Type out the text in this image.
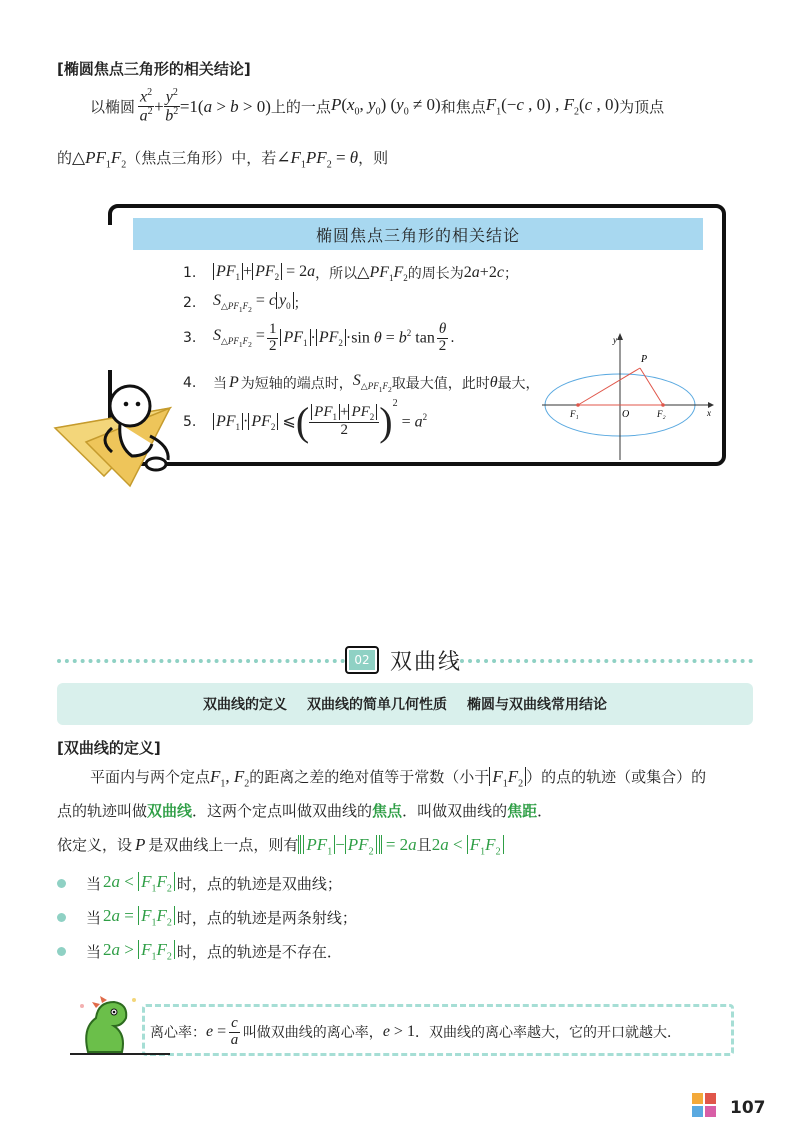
[椭圆焦点三角形的相关结论]
以椭圆 $\frac{x^2}{a^2} + \frac{y^2}{b^2} =1(a > b > 0)$ 上的一点 $P(x_0$, $y_0$) $(y_0 \ne 0)$ 和焦点 $F_1(-c$ , 0) , $F_2(c$ , 0) 为顶点
的$\triangle PF_1F_2$（焦点三角形）中，若$\angle F_1PF_2 = \theta$，则
椭圆焦点三角形的相关结论
1.	$PF_1 + PF_2 = 2a$ ，所以 $\triangle PF_1F_2$ 的周长为 2a+2c ；
2.	$S_{\triangle PF_1F_2} = c$ $y_0$ ；
3.	$S_{\triangle PF_1F_2} = \frac{1}{2} PF_1 \cdot PF_2 \cdot\sin$ $\theta = b^2$ $\tan \frac{\theta}{2}$ .
4.	当 P 为短轴的端点时， $S_{\triangle PF_1F_2}$ 取最大值，此时 θ 最大，
5.	$PF_1 \cdot PF_2$ ⩽ ( $\frac{PF_1 + PF_2}{2}$ ) $^2 = a^2$
y
x
P
O
F₁	F₂
02 双曲线
双曲线的定义 双曲线的简单几何性质 椭圆与双曲线常用结论
[双曲线的定义]
平面内与两个定点$F_1$, $F_2$的距离之差的绝对值等于常数（小于 $F_1F_2$ ）的点的轨迹（或集合）的
点的轨迹叫做双曲线．这两个定点叫做双曲线的焦点．叫做双曲线的焦距．
依定义，设 P 是双曲线上一点，则有 $PF_1 - PF_2 = 2a$且$2a < F_1F_2$
当 $2a < F_1F_2$ 时，点的轨迹是双曲线；
当 $2a = F_1F_2$ 时，点的轨迹是两条射线；
当 $2a > F_1F_2$ 时，点的轨迹是不存在．
离心率： $e = \frac{c}{a}$ 叫做双曲线的离心率， e > 1 ．双曲线的离心率越大，它的开口就越大．
107
